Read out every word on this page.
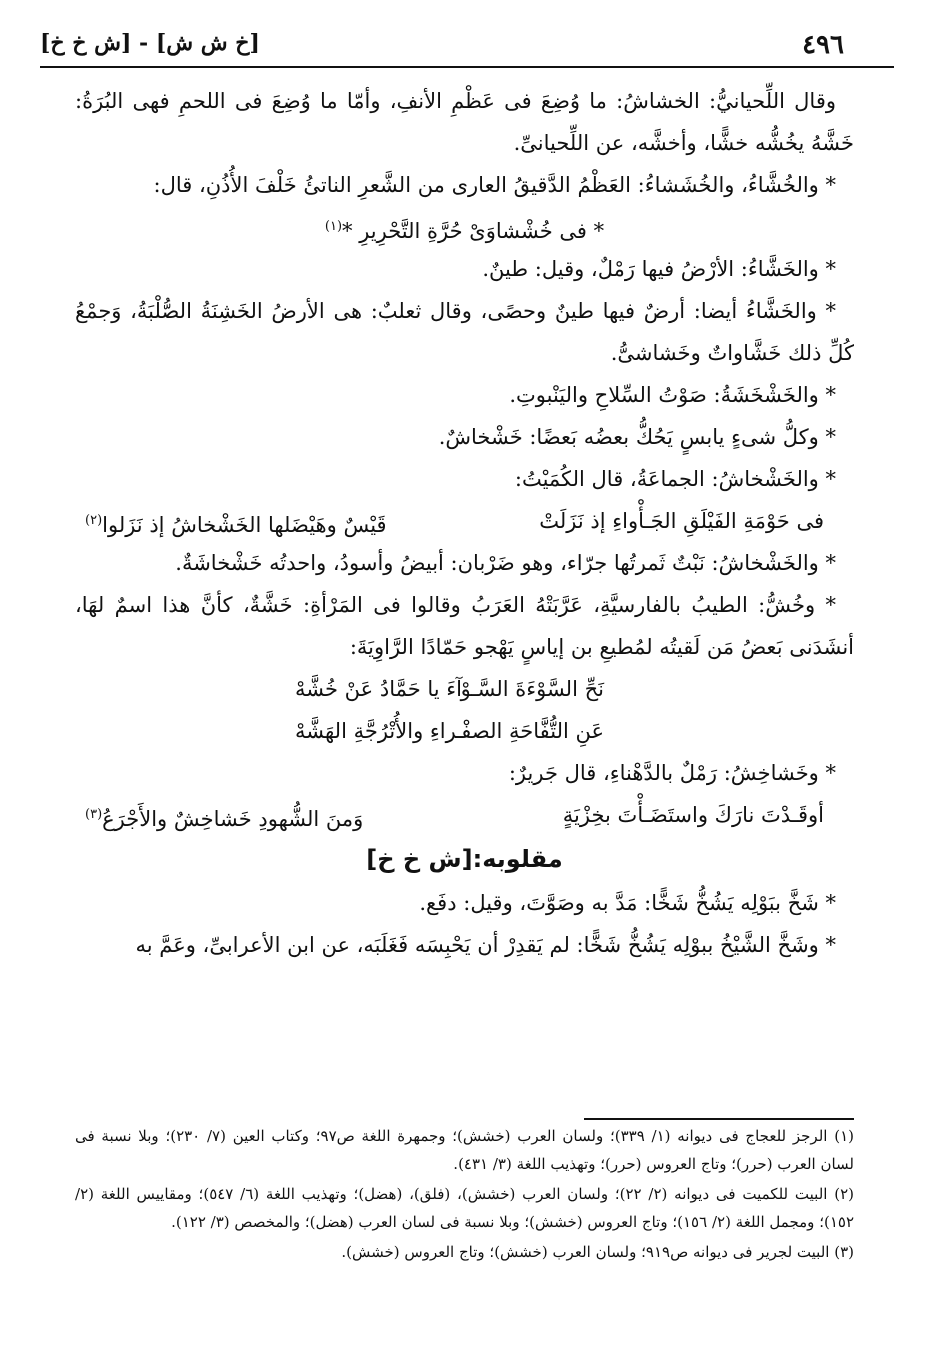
٤٩٦
[خ ش ش] - [ش خ خ]

وقال اللِّحيانيُّ: الخشاشُ: ما وُضِعَ فى عَظْمِ الأنفِ، وأمّا ما وُضِعَ فى اللحمِ فهى البُرَةُ: خَشَّهُ يخُشُّه خشًّا، وأخشَّه، عن اللِّحيانىِّ.

* والخُشَّاءُ، والخُشَشاءُ: العَظْمُ الدَّقيقُ العارى من الشَّعرِ الناتئُ خَلْفَ الأُذُنِ، قال:

* فى خُشْشاوَىْ حُرَّةِ التَّحْرِيرِ *$^{(١)}$

* والخَشَّاءُ: الأرْضُ فيها رَمْلٌ، وقيل: طينٌ.

* والخَشَّاءُ أيضا: أرضٌ فيها طينٌ وحصًى، وقال ثعلبٌ: هى الأرضُ الخَشِنَةُ الصُّلْبَةُ، وَجمْعُ كُلِّ ذلك خَشَّاواتٌ وخَشاشىُّ.

* والخَشْخَشَةُ: صَوْتُ السِّلاحِ واليَنْبوتِ.

* وكلُّ شىءٍ يابسٍ يَحُكُّ بعضُه بَعضًا: خَشْخاشٌ.

* والخَشْخاشُ: الجماعَةُ، قال الكُمَيْتُ:

فى حَوْمَةِ الفَيْلَقِ الجَـأْواءِ إذ نَزَلَتْ
قَيْسٌ وهَيْضَلها الخَشْخاشُ إذ نَزَلوا$^{(٢)}$

* والخَشْخاشُ: نَبْتٌ ثَمرتُها جرّاء، وهو ضَرْبان: أبيضُ وأسودُ، واحدتُه خَشْخاشَةٌ.

* وخُشُّ: الطيبُ بالفارسيَّةِ، عَرَّبَتْهُ العَرَبُ وقالوا فى المَرْأةِ: خَشَّةٌ، كأنَّ هذا اسمٌ لهَا، أنشَدَنى بَعضُ مَن لَقيتُه لمُطيعِ بن إياسٍ يَهْجو حَمّادًا الرَّاوِيَةَ:

نَحِّ السَّوْءَةَ السَّـوْ
آءَ يا حَمَّادُ عَنْ خُشَّهْ
عَنِ التُّفَّاحَةِ الصفْـ
ـراءِ والأُتْرُجَّةِ الهَشَّهْ

* وخَشاخِشُ: رَمْلٌ بالدَّهْناءِ، قال جَريرٌ:

أوقَـدْتَ نارَكَ واستَضَـأْتَ بخِزْيَةٍ
وَمنَ الشُّهودِ خَشاخِشٌ والأَجْرَعُ$^{(٣)}$
مقلوبه:[ش خ خ]

* شَخَّ ببَوْلِه يَشُخُّ شَخًّا: مَدَّ به وصَوَّتَ، وقيل: دفَع.

* وشَخَّ الشَّيْخُ ببوْلِه يَشُخُّ شَخًّا: لم يَقدِرْ أن يَحْبِسَه فَغَلَبَه، عن ابن الأعرابىِّ، وعَمَّ به

(١) الرجز للعجاج فى ديوانه (١/ ٣٣٩)؛ ولسان العرب (خشش)؛ وجمهرة اللغة ص٩٧؛ وكتاب العين (٧/ ٢٣٠)؛ وبلا نسبة فى لسان العرب (حرر)؛ وتاج العروس (حرر)؛ وتهذيب اللغة (٣/ ٤٣١).

(٢) البيت للكميت فى ديوانه (٢/ ٢٢)؛ ولسان العرب (خشش)، (فلق)، (هضل)؛ وتهذيب اللغة (٦/ ٥٤٧)؛ ومقاييس اللغة (٢/ ١٥٢)؛ ومجمل اللغة (٢/ ١٥٦)؛ وتاج العروس (خشش)؛ وبلا نسبة فى لسان العرب (هضل)؛ والمخصص (٣/ ١٢٢).

(٣) البيت لجرير فى ديوانه ص٩١٩؛ ولسان العرب (خشش)؛ وتاج العروس (خشش).
